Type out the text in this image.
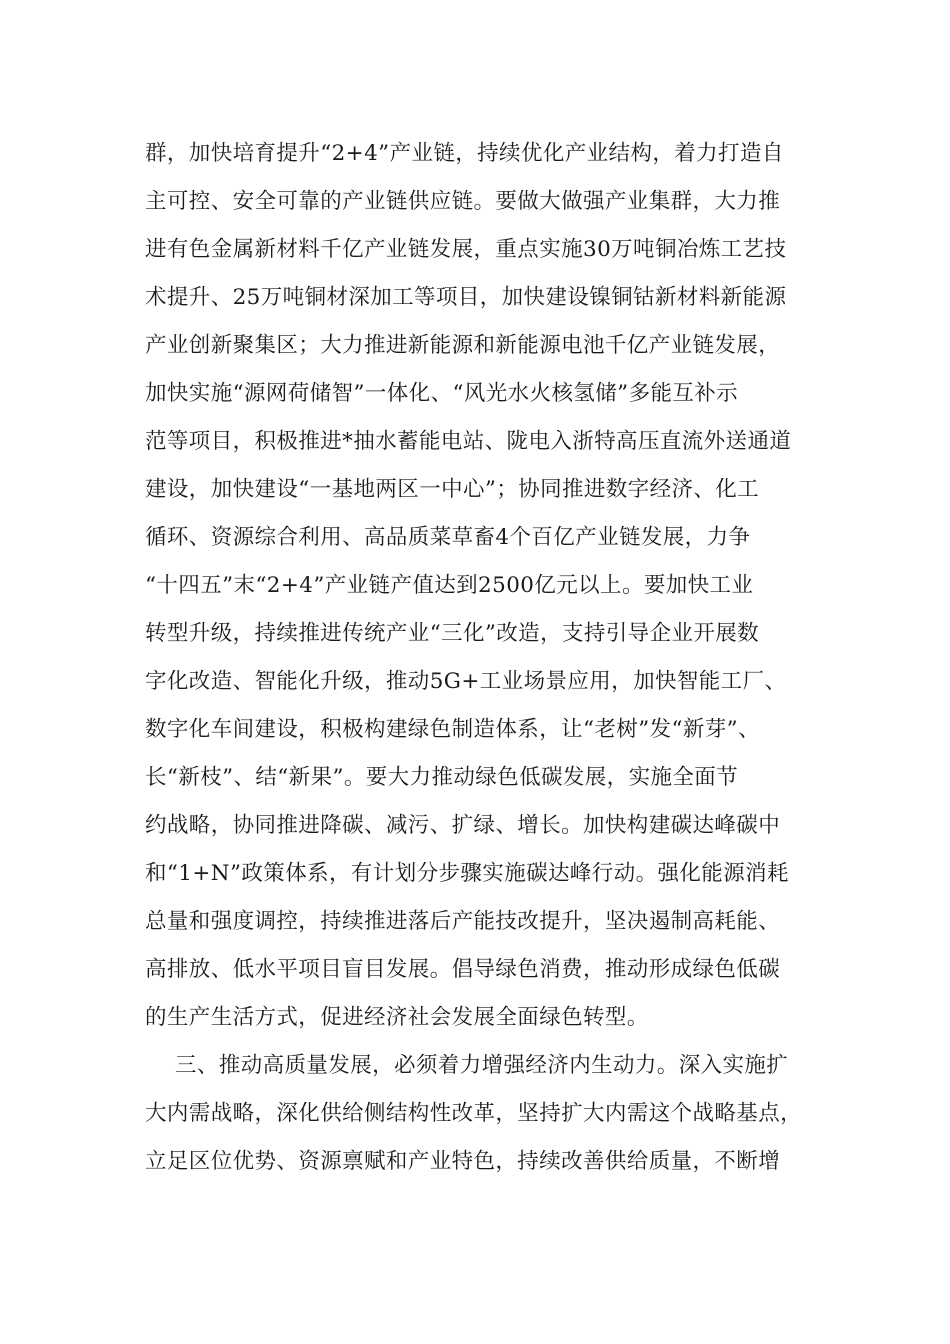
群，加快培育提升“2+4”产业链，持续优化产业结构，着力打造自
主可控、安全可靠的产业链供应链。要做大做强产业集群，大力推
进有色金属新材料千亿产业链发展，重点实施30万吨铜冶炼工艺技
术提升、25万吨铜材深加工等项目，加快建设镍铜钴新材料新能源
产业创新聚集区；大力推进新能源和新能源电池千亿产业链发展，
加快实施“源网荷储智”一体化、“风光水火核氢储”多能互补示
范等项目，积极推进*抽水蓄能电站、陇电入浙特高压直流外送通道
建设，加快建设“一基地两区一中心”；协同推进数字经济、化工
循环、资源综合利用、高品质菜草畜4个百亿产业链发展，力争
“十四五”末“2+4”产业链产值达到2500亿元以上。要加快工业
转型升级，持续推进传统产业“三化”改造，支持引导企业开展数
字化改造、智能化升级，推动5G+工业场景应用，加快智能工厂、
数字化车间建设，积极构建绿色制造体系，让“老树”发“新芽”、
长“新枝”、结“新果”。要大力推动绿色低碳发展，实施全面节
约战略，协同推进降碳、减污、扩绿、增长。加快构建碳达峰碳中
和“1+N”政策体系，有计划分步骤实施碳达峰行动。强化能源消耗
总量和强度调控，持续推进落后产能技改提升，坚决遏制高耗能、
高排放、低水平项目盲目发展。倡导绿色消费，推动形成绿色低碳
的生产生活方式，促进经济社会发展全面绿色转型。
三、推动高质量发展，必须着力增强经济内生动力。深入实施扩
大内需战略，深化供给侧结构性改革，坚持扩大内需这个战略基点，
立足区位优势、资源禀赋和产业特色，持续改善供给质量，不断增
